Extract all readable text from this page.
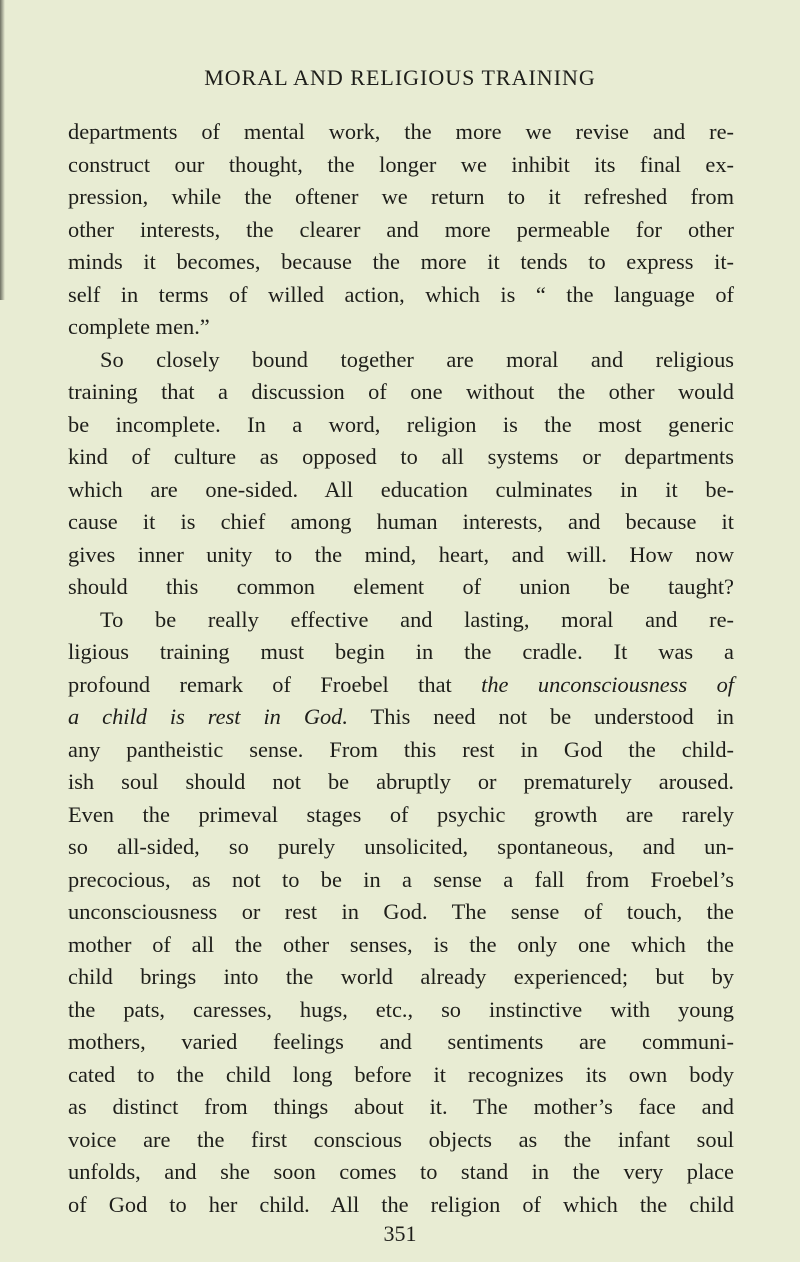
MORAL AND RELIGIOUS TRAINING
departments of mental work, the more we revise and re-
construct our thought, the longer we inhibit its final ex-
pression, while the oftener we return to it refreshed from
other interests, the clearer and more permeable for other
minds it becomes, because the more it tends to express it-
self in terms of willed action, which is “ the language of
complete men.”
So closely bound together are moral and religious
training that a discussion of one without the other would
be incomplete. In a word, religion is the most generic
kind of culture as opposed to all systems or departments
which are one-sided. All education culminates in it be-
cause it is chief among human interests, and because it
gives inner unity to the mind, heart, and will. How now
should this common element of union be taught?
To be really effective and lasting, moral and re-
ligious training must begin in the cradle. It was a
profound remark of Froebel that the unconsciousness of
a child is rest in God. This need not be understood in
any pantheistic sense. From this rest in God the child-
ish soul should not be abruptly or prematurely aroused.
Even the primeval stages of psychic growth are rarely
so all-sided, so purely unsolicited, spontaneous, and un-
precocious, as not to be in a sense a fall from Froebel’s
unconsciousness or rest in God. The sense of touch, the
mother of all the other senses, is the only one which the
child brings into the world already experienced; but by
the pats, caresses, hugs, etc., so instinctive with young
mothers, varied feelings and sentiments are communi-
cated to the child long before it recognizes its own body
as distinct from things about it. The mother’s face and
voice are the first conscious objects as the infant soul
unfolds, and she soon comes to stand in the very place
of God to her child. All the religion of which the child
351
